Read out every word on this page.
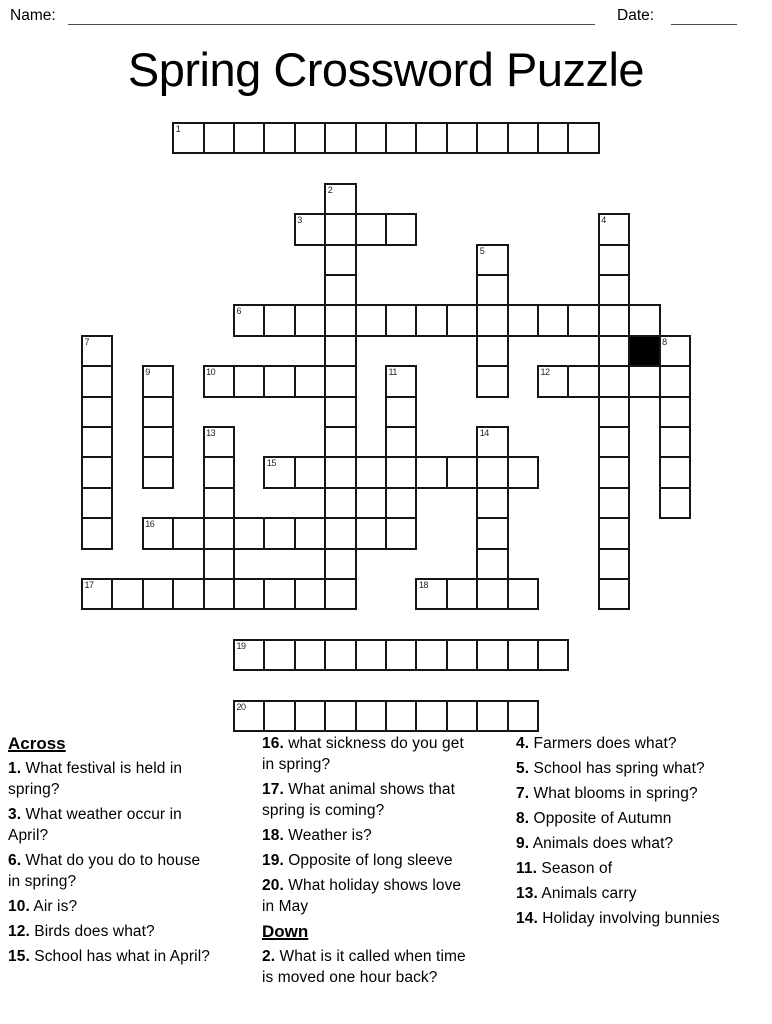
Name:	Date:
Spring Crossword Puzzle
1
2
3	4
5
6
7	8
9	10	11	12
13	14
15
16
17	18
19
20
Across
1. What festival is held in spring?
3. What weather occur in April?
6. What do you do to house in spring?
10. Air is?
12. Birds does what?
15. School has what in April?
16. what sickness do you get in spring?
17. What animal shows that spring is coming?
18. Weather is?
19. Opposite of long sleeve
20. What holiday shows love in May
Down
2. What is it called when time is moved one hour back?
4. Farmers does what?
5. School has spring what?
7. What blooms in spring?
8. Opposite of Autumn
9. Animals does what?
11. Season of
13. Animals carry
14. Holiday involving bunnies
